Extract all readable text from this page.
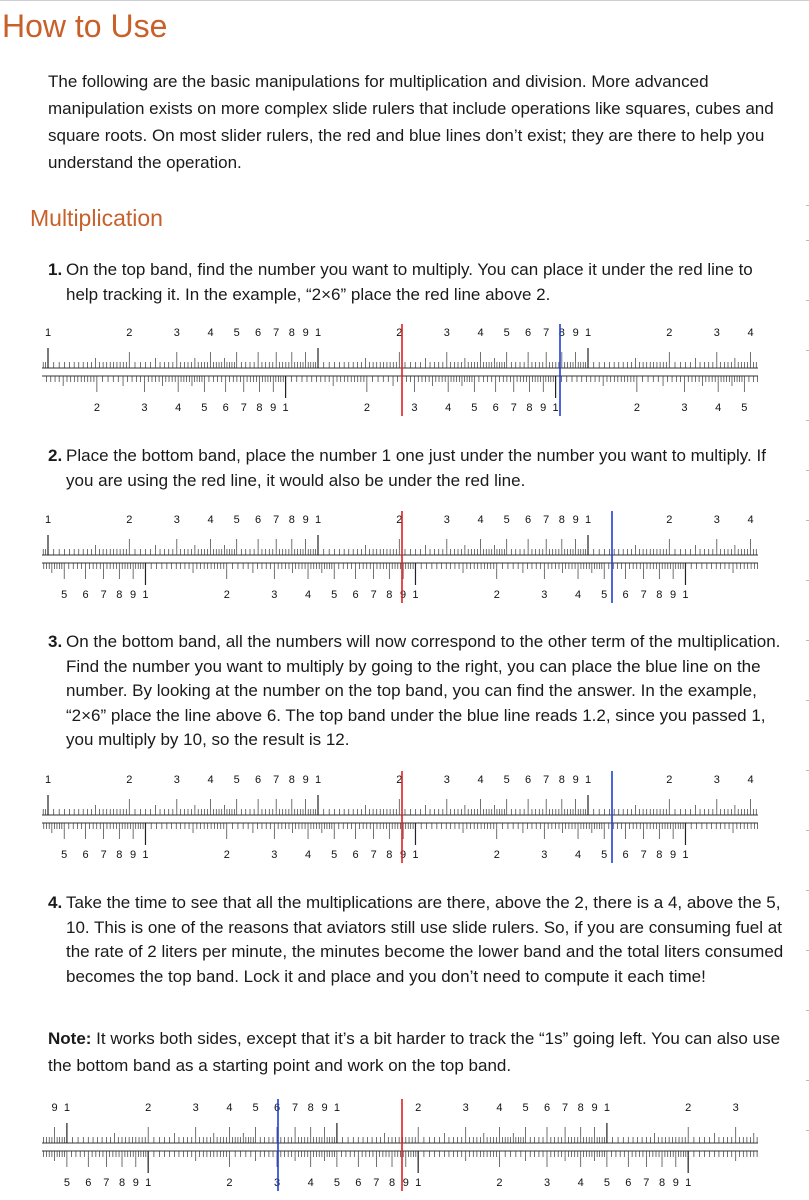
How to Use

The following are the basic manipulations for multiplication and division. More advanced manipulation exists on more complex slide rulers that include operations like squares, cubes and square roots. On most slider rulers, the red and blue lines don’t exist; they are there to help you understand the operation.

Multiplication
1. On the top band, find the number you want to multiply. You can place it under the red line to help tracking it. In the example, “2×6” place the red line above 2.
1	2	3	4 5 6 7 8 9 1	2	3	4 5 6 7 8 9 1	2	3	4
2	3	4 5 6 7 8 9 1	2	3	4 5 6 7 8 9 1	2	3	4 5
2. Place the bottom band, place the number 1 one just under the number you want to multiply. If you are using the red line, it would also be under the red line.
1	2	3	4 5 6 7 8 9 1	2	3	4 5 6 7 8 9 1	2	3	4
5 6 7 8 9 1	2	3	4 5 6 7 8 9 1	2	3	4 5 6 7 8 9 1
3. On the bottom band, all the numbers will now correspond to the other term of the multiplication. Find the number you want to multiply by going to the right, you can place the blue line on the number. By looking at the number on the top band, you can find the answer. In the example, “2×6” place the line above 6. The top band under the blue line reads 1.2, since you passed 1, you multiply by 10, so the result is 12.
1	2	3	4 5 6 7 8 9 1	2	3	4 5 6 7 8 9 1	2	3	4
5 6 7 8 9 1	2	3	4 5 6 7 8 9 1	2	3	4 5 6 7 8 9 1
4. Take the time to see that all the multiplications are there, above the 2, there is a 4, above the 5, 10. This is one of the reasons that aviators still use slide rulers. So, if you are consuming fuel at the rate of 2 liters per minute, the minutes become the lower band and the total liters consumed becomes the top band. Lock it and place and you don’t need to compute it each time!
Note: It works both sides, except that it’s a bit harder to track the “1s” going left. You can also use the bottom band as a starting point and work on the top band.
9 1	2	3	4 5 6 7 8 9 1	2	3	4 5 6 7 8 9 1	2	3
5 6 7 8 9 1	2	3	4 5 6 7 8 9 1	2	3	4 5 6 7 8 9 1
